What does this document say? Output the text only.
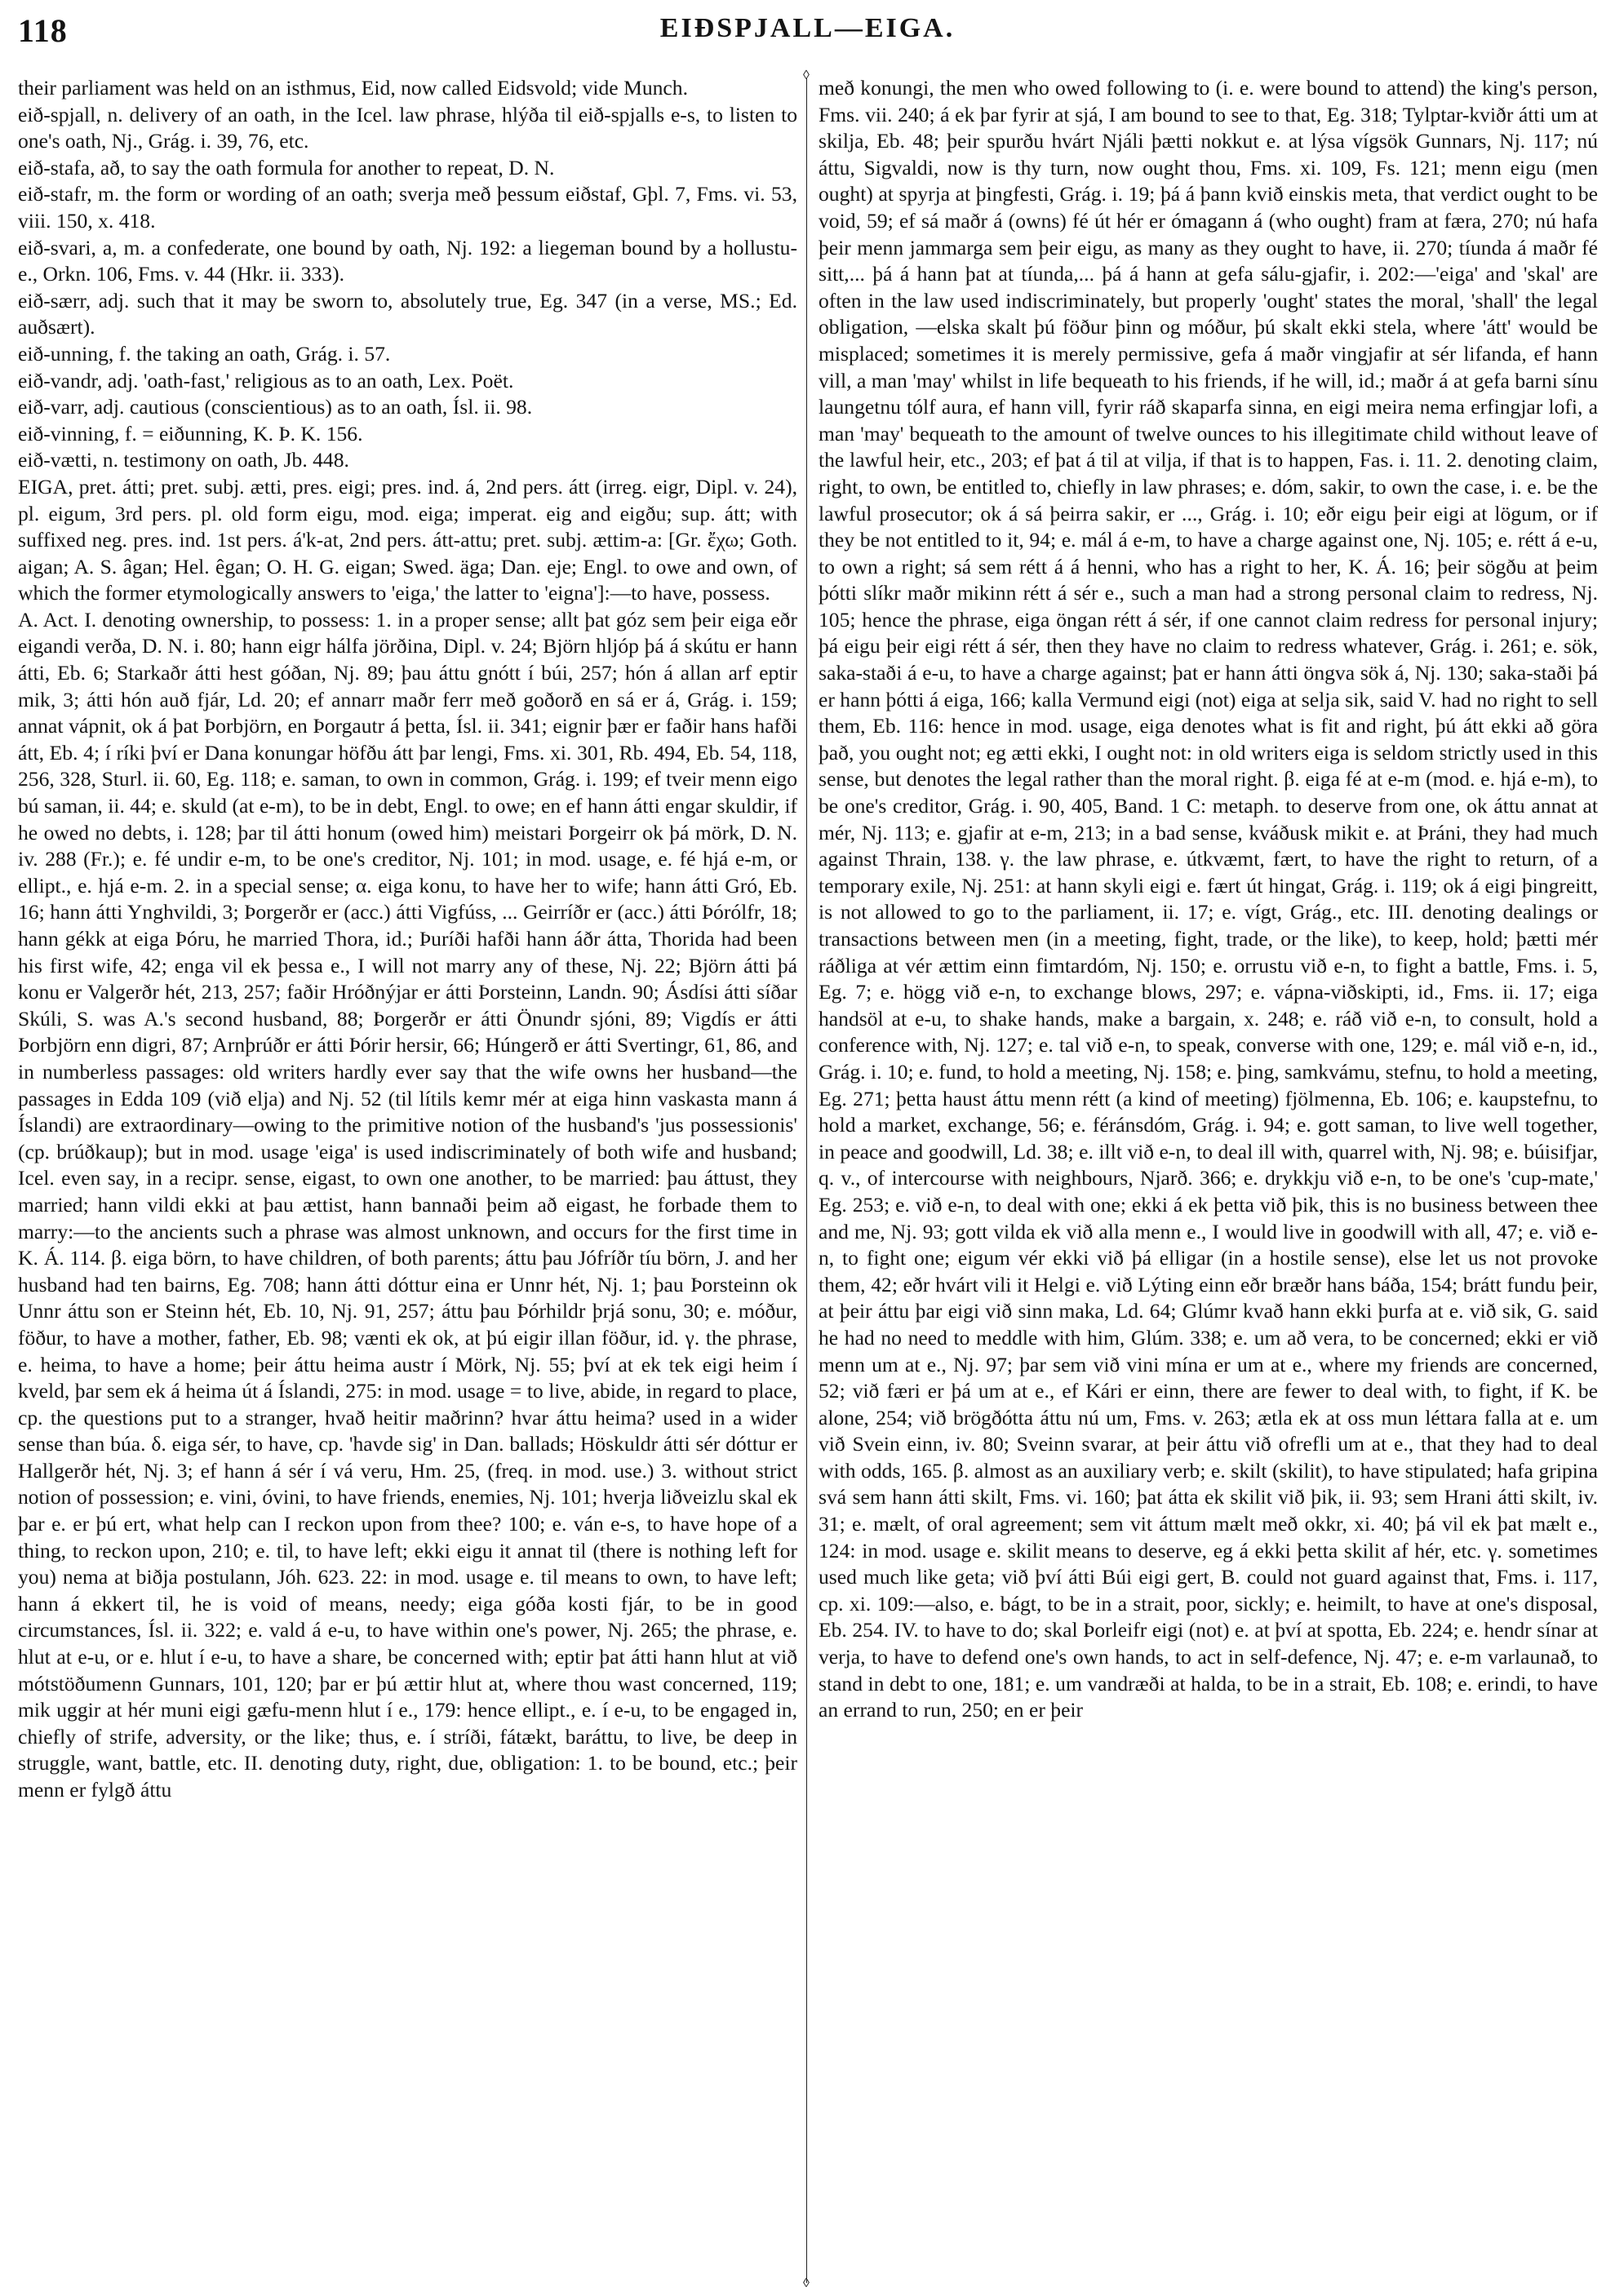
118	EIÐSPJALL—EIGA.

their parliament was held on an isthmus, Eid, now called Eidsvold; vide Munch.

eið-spjall, n. delivery of an oath, in the Icel. law phrase, hlýða til eið-spjalls e-s, to listen to one's oath, Nj., Grág. i. 39, 76, etc.

eið-stafa, að, to say the oath formula for another to repeat, D. N.

eið-stafr, m. the form or wording of an oath; sverja með þessum eiðstaf, Gþl. 7, Fms. vi. 53, viii. 150, x. 418.

eið-svari, a, m. a confederate, one bound by oath, Nj. 192: a liegeman bound by a hollustu-e., Orkn. 106, Fms. v. 44 (Hkr. ii. 333).

eið-særr, adj. such that it may be sworn to, absolutely true, Eg. 347 (in a verse, MS.; Ed. auðsært).

eið-unning, f. the taking an oath, Grág. i. 57.

eið-vandr, adj. 'oath-fast,' religious as to an oath, Lex. Poët.

eið-varr, adj. cautious (conscientious) as to an oath, Ísl. ii. 98.

eið-vinning, f. = eiðunning, K. Þ. K. 156.

eið-vætti, n. testimony on oath, Jb. 448.

EIGA, pret. átti; pret. subj. ætti, pres. eigi; pres. ind. á, 2nd pers. átt (irreg. eigr, Dipl. v. 24), pl. eigum, 3rd pers. pl. old form eigu, mod. eiga; imperat. eig and eigðu; sup. átt; with suffixed neg. pres. ind. 1st pers. á'k-at, 2nd pers. átt-attu; pret. subj. ættim-a: [Gr. ἔχω; Goth. aigan; A. S. âgan; Hel. êgan; O. H. G. eigan; Swed. äga; Dan. eje; Engl. to owe and own, of which the former etymologically answers to 'eiga,' the latter to 'eigna']:—to have, possess.

A. Act. I. denoting ownership, to possess: 1. in a proper sense; allt þat góz sem þeir eiga eðr eigandi verða, D. N. i. 80; hann eigr hálfa jörðina, Dipl. v. 24; Björn hljóp þá á skútu er hann átti, Eb. 6; Starkaðr átti hest góðan, Nj. 89; þau áttu gnótt í búi, 257; hón á allan arf eptir mik, 3; átti hón auð fjár, Ld. 20; ef annarr maðr ferr með goðorð en sá er á, Grág. i. 159; annat vápnit, ok á þat Þorbjörn, en Þorgautr á þetta, Ísl. ii. 341; eignir þær er faðir hans hafði átt, Eb. 4; í ríki því er Dana konungar höfðu átt þar lengi, Fms. xi. 301, Rb. 494, Eb. 54, 118, 256, 328, Sturl. ii. 60, Eg. 118; e. saman, to own in common, Grág. i. 199; ef tveir menn eigo bú saman, ii. 44; e. skuld (at e-m), to be in debt, Engl. to owe; en ef hann átti engar skuldir, if he owed no debts, i. 128; þar til átti honum (owed him) meistari Þorgeirr ok þá mörk, D. N. iv. 288 (Fr.); e. fé undir e-m, to be one's creditor, Nj. 101; in mod. usage, e. fé hjá e-m, or ellipt., e. hjá e-m. 2. in a special sense; α. eiga konu, to have her to wife; hann átti Gró, Eb. 16; hann átti Ynghvildi, 3; Þorgerðr er (acc.) átti Vigfúss, ... Geirríðr er (acc.) átti Þórólfr, 18; hann gékk at eiga Þóru, he married Thora, id.; Þuríði hafði hann áðr átta, Thorida had been his first wife, 42; enga vil ek þessa e., I will not marry any of these, Nj. 22; Björn átti þá konu er Valgerðr hét, 213, 257; faðir Hróðnýjar er átti Þorsteinn, Landn. 90; Ásdísi átti síðar Skúli, S. was A.'s second husband, 88; Þorgerðr er átti Önundr sjóni, 89; Vigdís er átti Þorbjörn enn digri, 87; Arnþrúðr er átti Þórir hersir, 66; Húngerð er átti Svertingr, 61, 86, and in numberless passages: old writers hardly ever say that the wife owns her husband—the passages in Edda 109 (við elja) and Nj. 52 (til lítils kemr mér at eiga hinn vaskasta mann á Íslandi) are extraordinary—owing to the primitive notion of the husband's 'jus possessionis' (cp. brúðkaup); but in mod. usage 'eiga' is used indiscriminately of both wife and husband; Icel. even say, in a recipr. sense, eigast, to own one another, to be married: þau áttust, they married; hann vildi ekki at þau ættist, hann bannaði þeim að eigast, he forbade them to marry:—to the ancients such a phrase was almost unknown, and occurs for the first time in K. Á. 114. β. eiga börn, to have children, of both parents; áttu þau Jófríðr tíu börn, J. and her husband had ten bairns, Eg. 708; hann átti dóttur eina er Unnr hét, Nj. 1; þau Þorsteinn ok Unnr áttu son er Steinn hét, Eb. 10, Nj. 91, 257; áttu þau Þórhildr þrjá sonu, 30; e. móður, föður, to have a mother, father, Eb. 98; vænti ek ok, at þú eigir illan föður, id. γ. the phrase, e. heima, to have a home; þeir áttu heima austr í Mörk, Nj. 55; því at ek tek eigi heim í kveld, þar sem ek á heima út á Íslandi, 275: in mod. usage = to live, abide, in regard to place, cp. the questions put to a stranger, hvað heitir maðrinn? hvar áttu heima? used in a wider sense than búa. δ. eiga sér, to have, cp. 'havde sig' in Dan. ballads; Höskuldr átti sér dóttur er Hallgerðr hét, Nj. 3; ef hann á sér í vá veru, Hm. 25, (freq. in mod. use.) 3. without strict notion of possession; e. vini, óvini, to have friends, enemies, Nj. 101; hverja liðveizlu skal ek þar e. er þú ert, what help can I reckon upon from thee? 100; e. ván e-s, to have hope of a thing, to reckon upon, 210; e. til, to have left; ekki eigu it annat til (there is nothing left for you) nema at biðja postulann, Jóh. 623. 22: in mod. usage e. til means to own, to have left; hann á ekkert til, he is void of means, needy; eiga góða kosti fjár, to be in good circumstances, Ísl. ii. 322; e. vald á e-u, to have within one's power, Nj. 265; the phrase, e. hlut at e-u, or e. hlut í e-u, to have a share, be concerned with; eptir þat átti hann hlut at við mótstöðumenn Gunnars, 101, 120; þar er þú ættir hlut at, where thou wast concerned, 119; mik uggir at hér muni eigi gæfu-menn hlut í e., 179: hence ellipt., e. í e-u, to be engaged in, chiefly of strife, adversity, or the like; thus, e. í stríði, fátækt, baráttu, to live, be deep in struggle, want, battle, etc. II. denoting duty, right, due, obligation: 1. to be bound, etc.; þeir menn er fylgð áttu

◊
◊

með konungi, the men who owed following to (i. e. were bound to attend) the king's person, Fms. vii. 240; á ek þar fyrir at sjá, I am bound to see to that, Eg. 318; Tylptar-kviðr átti um at skilja, Eb. 48; þeir spurðu hvárt Njáli þætti nokkut e. at lýsa vígsök Gunnars, Nj. 117; nú áttu, Sigvaldi, now is thy turn, now ought thou, Fms. xi. 109, Fs. 121; menn eigu (men ought) at spyrja at þingfesti, Grág. i. 19; þá á þann kvið einskis meta, that verdict ought to be void, 59; ef sá maðr á (owns) fé út hér er ómagann á (who ought) fram at færa, 270; nú hafa þeir menn jammarga sem þeir eigu, as many as they ought to have, ii. 270; tíunda á maðr fé sitt,... þá á hann þat at tíunda,... þá á hann at gefa sálu-gjafir, i. 202:—'eiga' and 'skal' are often in the law used indiscriminately, but properly 'ought' states the moral, 'shall' the legal obligation, —elska skalt þú föður þinn og móður, þú skalt ekki stela, where 'átt' would be misplaced; sometimes it is merely permissive, gefa á maðr vingjafir at sér lifanda, ef hann vill, a man 'may' whilst in life bequeath to his friends, if he will, id.; maðr á at gefa barni sínu laungetnu tólf aura, ef hann vill, fyrir ráð skaparfa sinna, en eigi meira nema erfingjar lofi, a man 'may' bequeath to the amount of twelve ounces to his illegitimate child without leave of the lawful heir, etc., 203; ef þat á til at vilja, if that is to happen, Fas. i. 11. 2. denoting claim, right, to own, be entitled to, chiefly in law phrases; e. dóm, sakir, to own the case, i. e. be the lawful prosecutor; ok á sá þeirra sakir, er ..., Grág. i. 10; eðr eigu þeir eigi at lögum, or if they be not entitled to it, 94; e. mál á e-m, to have a charge against one, Nj. 105; e. rétt á e-u, to own a right; sá sem rétt á á henni, who has a right to her, K. Á. 16; þeir sögðu at þeim þótti slíkr maðr mikinn rétt á sér e., such a man had a strong personal claim to redress, Nj. 105; hence the phrase, eiga öngan rétt á sér, if one cannot claim redress for personal injury; þá eigu þeir eigi rétt á sér, then they have no claim to redress whatever, Grág. i. 261; e. sök, saka-staði á e-u, to have a charge against; þat er hann átti öngva sök á, Nj. 130; saka-staði þá er hann þótti á eiga, 166; kalla Vermund eigi (not) eiga at selja sik, said V. had no right to sell them, Eb. 116: hence in mod. usage, eiga denotes what is fit and right, þú átt ekki að göra það, you ought not; eg ætti ekki, I ought not: in old writers eiga is seldom strictly used in this sense, but denotes the legal rather than the moral right. β. eiga fé at e-m (mod. e. hjá e-m), to be one's creditor, Grág. i. 90, 405, Band. 1 C: metaph. to deserve from one, ok áttu annat at mér, Nj. 113; e. gjafir at e-m, 213; in a bad sense, kváðusk mikit e. at Þráni, they had much against Thrain, 138. γ. the law phrase, e. útkvæmt, fært, to have the right to return, of a temporary exile, Nj. 251: at hann skyli eigi e. fært út hingat, Grág. i. 119; ok á eigi þingreitt, is not allowed to go to the parliament, ii. 17; e. vígt, Grág., etc. III. denoting dealings or transactions between men (in a meeting, fight, trade, or the like), to keep, hold; þætti mér ráðliga at vér ættim einn fimtardóm, Nj. 150; e. orrustu við e-n, to fight a battle, Fms. i. 5, Eg. 7; e. högg við e-n, to exchange blows, 297; e. vápna-viðskipti, id., Fms. ii. 17; eiga handsöl at e-u, to shake hands, make a bargain, x. 248; e. ráð við e-n, to consult, hold a conference with, Nj. 127; e. tal við e-n, to speak, converse with one, 129; e. mál við e-n, id., Grág. i. 10; e. fund, to hold a meeting, Nj. 158; e. þing, samkvámu, stefnu, to hold a meeting, Eg. 271; þetta haust áttu menn rétt (a kind of meeting) fjölmenna, Eb. 106; e. kaupstefnu, to hold a market, exchange, 56; e. féránsdóm, Grág. i. 94; e. gott saman, to live well together, in peace and goodwill, Ld. 38; e. illt við e-n, to deal ill with, quarrel with, Nj. 98; e. búisifjar, q. v., of intercourse with neighbours, Njarð. 366; e. drykkju við e-n, to be one's 'cup-mate,' Eg. 253; e. við e-n, to deal with one; ekki á ek þetta við þik, this is no business between thee and me, Nj. 93; gott vilda ek við alla menn e., I would live in goodwill with all, 47; e. við e-n, to fight one; eigum vér ekki við þá elligar (in a hostile sense), else let us not provoke them, 42; eðr hvárt vili it Helgi e. við Lýting einn eðr bræðr hans báða, 154; brátt fundu þeir, at þeir áttu þar eigi við sinn maka, Ld. 64; Glúmr kvað hann ekki þurfa at e. við sik, G. said he had no need to meddle with him, Glúm. 338; e. um að vera, to be concerned; ekki er við menn um at e., Nj. 97; þar sem við vini mína er um at e., where my friends are concerned, 52; við færi er þá um at e., ef Kári er einn, there are fewer to deal with, to fight, if K. be alone, 254; við brögðótta áttu nú um, Fms. v. 263; ætla ek at oss mun léttara falla at e. um við Svein einn, iv. 80; Sveinn svarar, at þeir áttu við ofrefli um at e., that they had to deal with odds, 165. β. almost as an auxiliary verb; e. skilt (skilit), to have stipulated; hafa gripina svá sem hann átti skilt, Fms. vi. 160; þat átta ek skilit við þik, ii. 93; sem Hrani átti skilt, iv. 31; e. mælt, of oral agreement; sem vit áttum mælt með okkr, xi. 40; þá vil ek þat mælt e., 124: in mod. usage e. skilit means to deserve, eg á ekki þetta skilit af hér, etc. γ. sometimes used much like geta; við því átti Búi eigi gert, B. could not guard against that, Fms. i. 117, cp. xi. 109:—also, e. bágt, to be in a strait, poor, sickly; e. heimilt, to have at one's disposal, Eb. 254. IV. to have to do; skal Þorleifr eigi (not) e. at því at spotta, Eb. 224; e. hendr sínar at verja, to have to defend one's own hands, to act in self-defence, Nj. 47; e. e-m varlaunað, to stand in debt to one, 181; e. um vandræði at halda, to be in a strait, Eb. 108; e. erindi, to have an errand to run, 250; en er þeir
